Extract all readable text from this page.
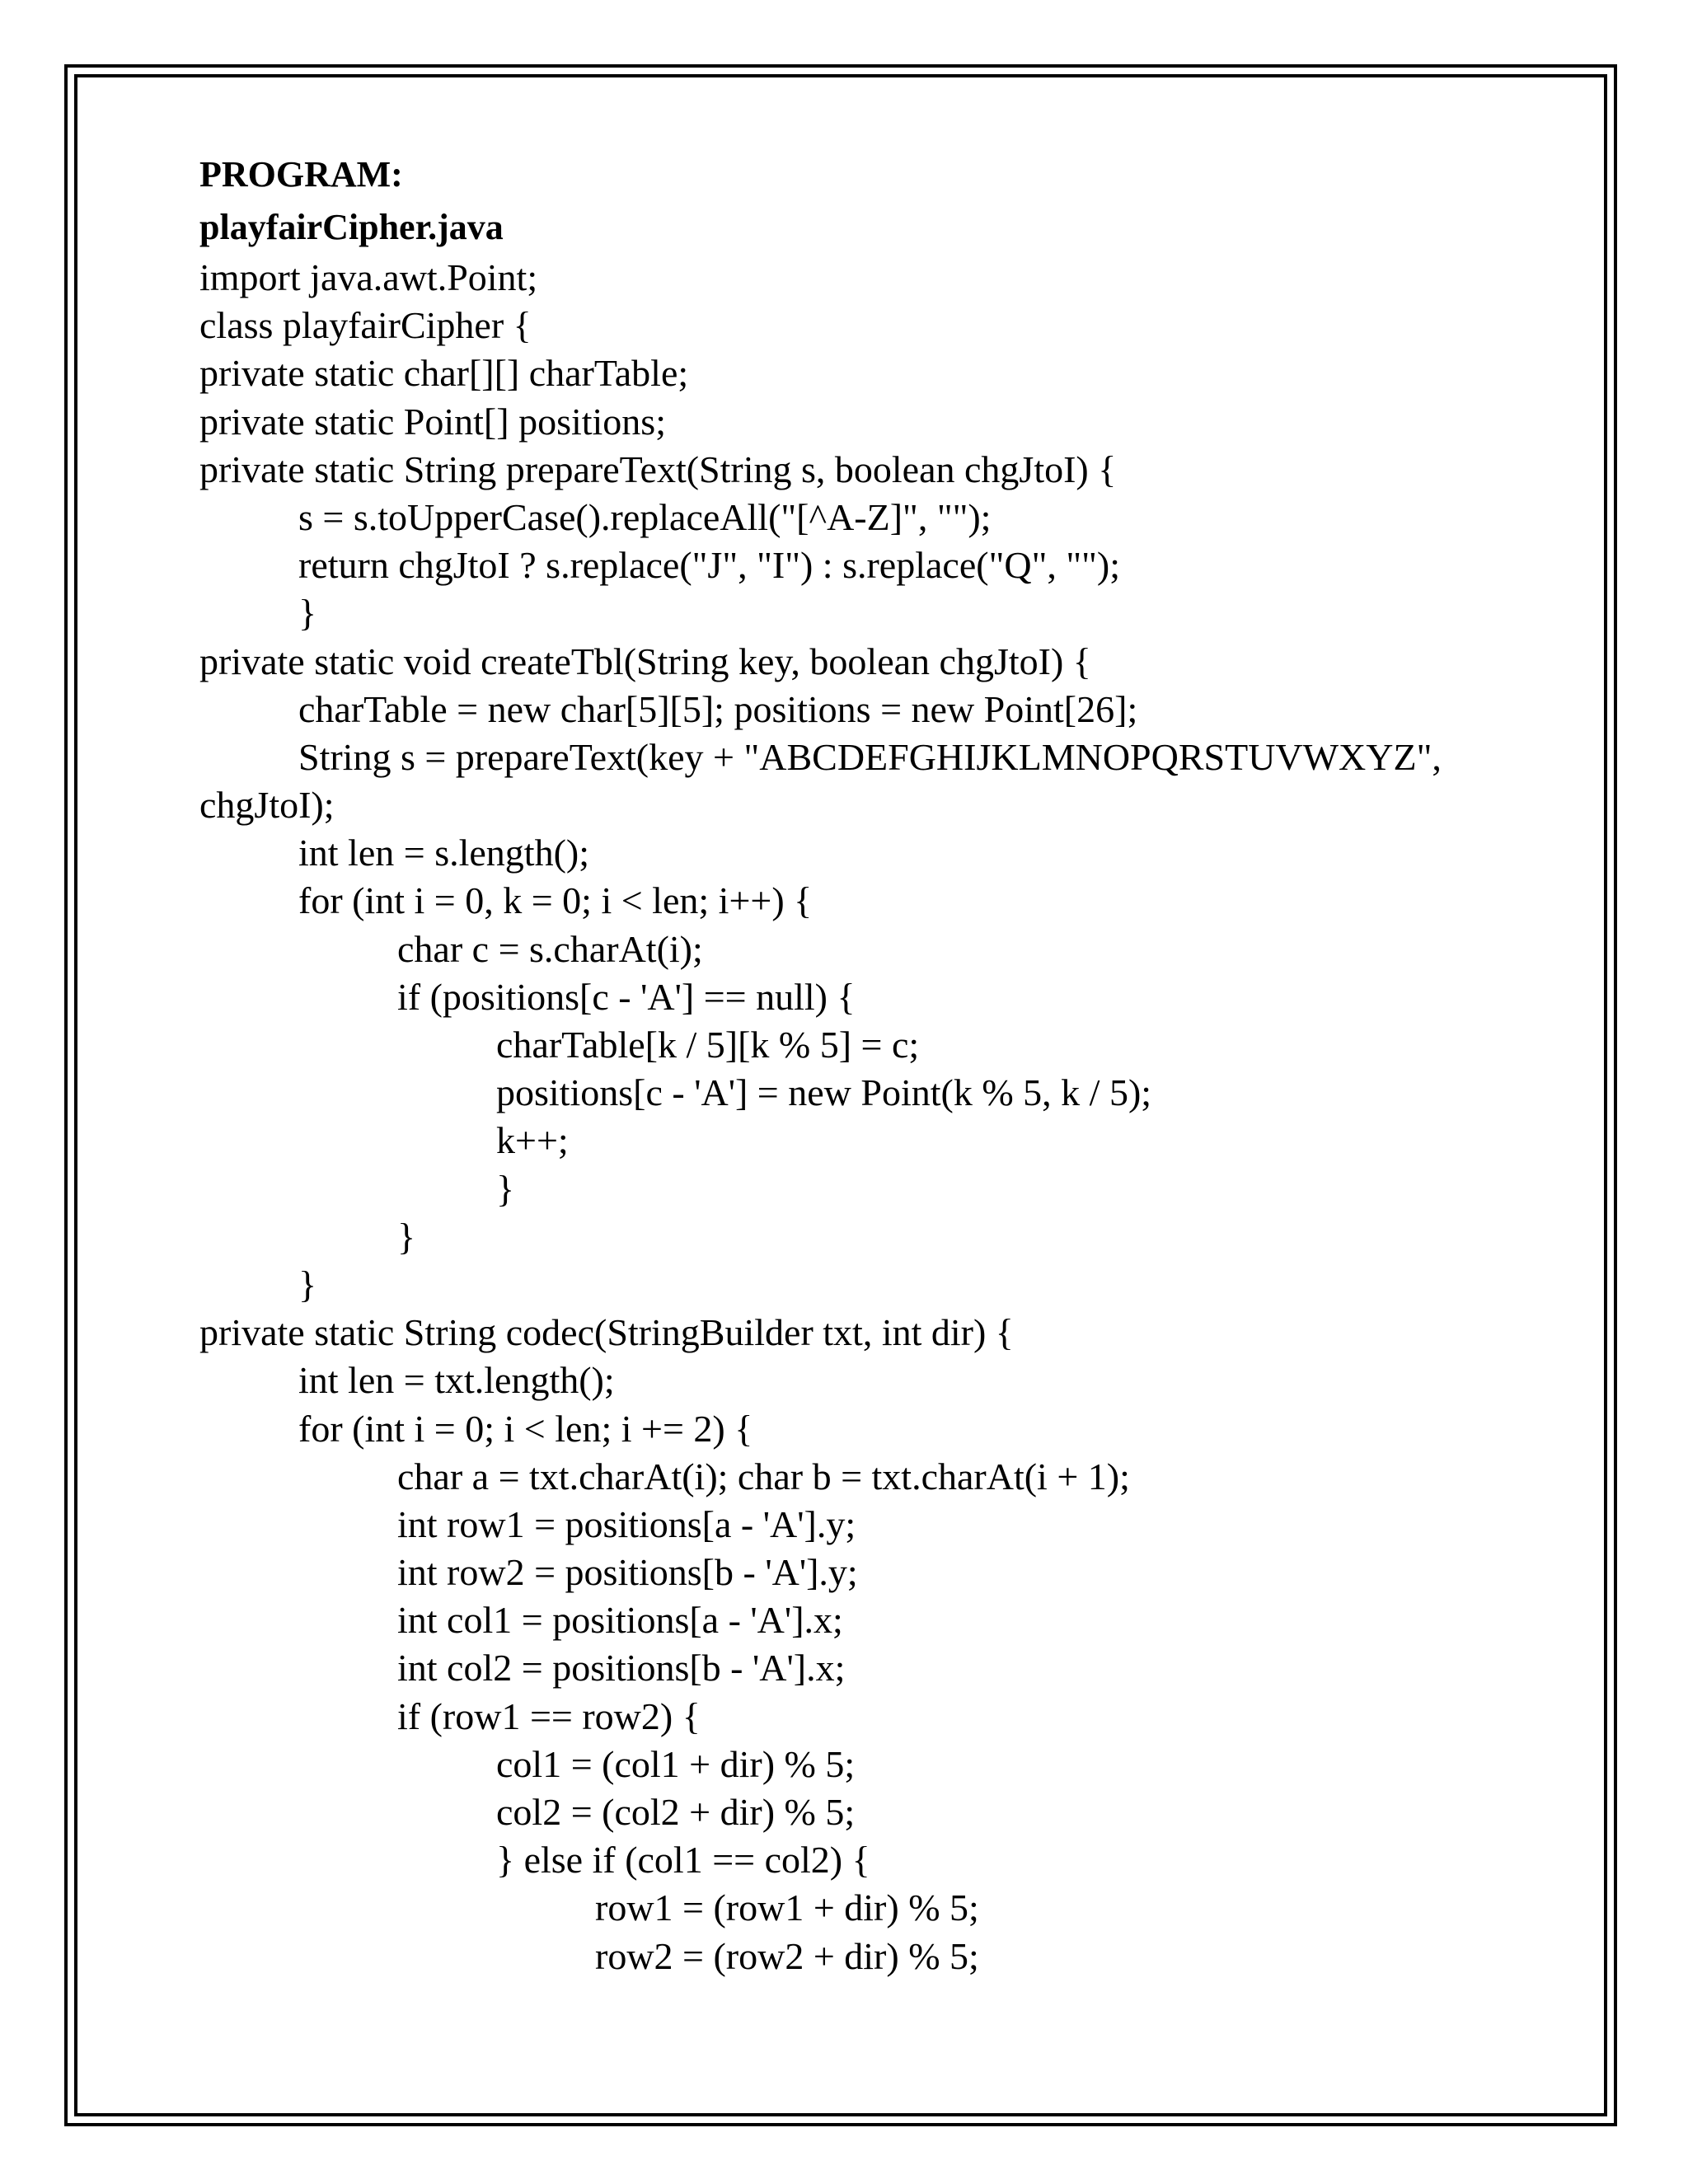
PROGRAM:
playfairCipher.java
import java.awt.Point;
class playfairCipher {
private static char[][] charTable;
private static Point[] positions;
private static String prepareText(String s, boolean chgJtoI) {
s = s.toUpperCase().replaceAll("[^A-Z]", "");
return chgJtoI ? s.replace("J", "I") : s.replace("Q", "");
}
private static void createTbl(String key, boolean chgJtoI) {
charTable = new char[5][5]; positions = new Point[26];
String s = prepareText(key + "ABCDEFGHIJKLMNOPQRSTUVWXYZ",
chgJtoI);
int len = s.length();
for (int i = 0, k = 0; i < len; i++) {
char c = s.charAt(i);
if (positions[c - 'A'] == null) {
charTable[k / 5][k % 5] = c;
positions[c - 'A'] = new Point(k % 5, k / 5);
k++;
}
}
}
private static String codec(StringBuilder txt, int dir) {
int len = txt.length();
for (int i = 0; i < len; i += 2) {
char a = txt.charAt(i); char b = txt.charAt(i + 1);
int row1 = positions[a - 'A'].y;
int row2 = positions[b - 'A'].y;
int col1 = positions[a - 'A'].x;
int col2 = positions[b - 'A'].x;
if (row1 == row2) {
col1 = (col1 + dir) % 5;
col2 = (col2 + dir) % 5;
} else if (col1 == col2) {
row1 = (row1 + dir) % 5;
row2 = (row2 + dir) % 5;
